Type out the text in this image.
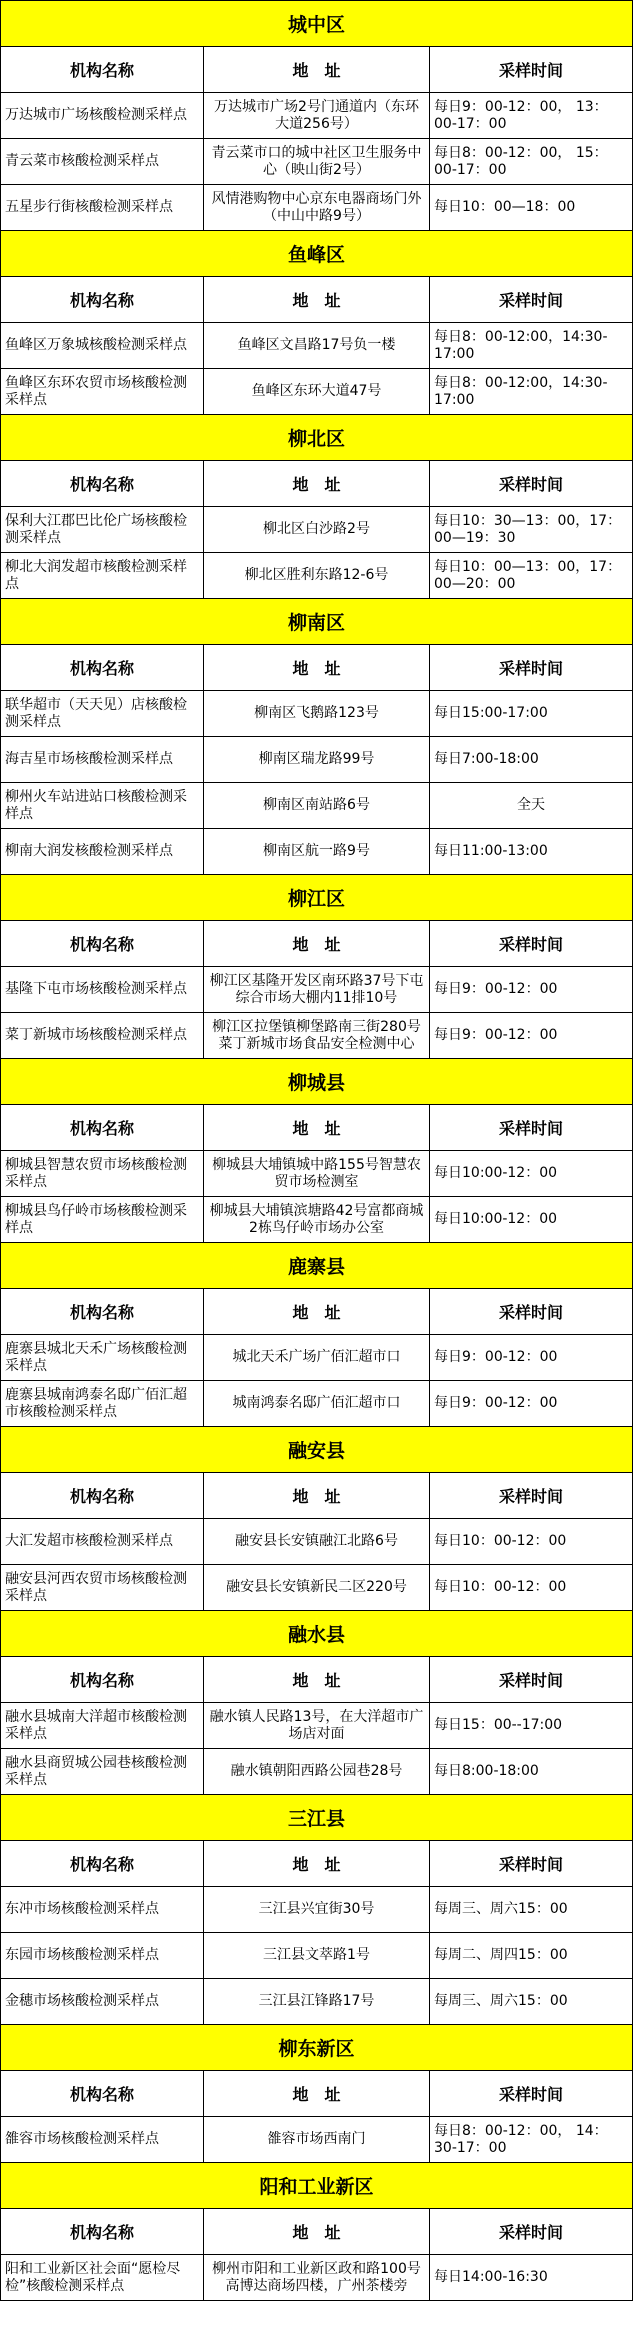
城中区		
机构名称	地　址	采样时间
万达城市广场核酸检测采样点	万达城市广场2号门通道内（东环大道256号）	每日9：00-12：00， 13：00-17：00
青云菜市核酸检测采样点	青云菜市口的城中社区卫生服务中心（映山街2号）	每日8：00-12：00， 15：00-17：00
五星步行街核酸检测采样点	风情港购物中心京东电器商场门外（中山中路9号）	每日10：00—18：00
鱼峰区		
机构名称	地　址	采样时间
鱼峰区万象城核酸检测采样点	鱼峰区文昌路17号负一楼	每日8：00-12:00，14:30-17:00
鱼峰区东环农贸市场核酸检测采样点	鱼峰区东环大道47号	每日8：00-12:00，14:30-17:00
柳北区		
机构名称	地　址	采样时间
保利大江郡巴比伦广场核酸检测采样点	柳北区白沙路2号	每日10：30—13：00，17：00—19：30
柳北大润发超市核酸检测采样点	柳北区胜利东路12-6号	每日10：00—13：00，17：00—20：00
柳南区		
机构名称	地　址	采样时间
联华超市（天天见）店核酸检测采样点	柳南区飞鹅路123号	每日15:00-17:00
海吉星市场核酸检测采样点	柳南区瑞龙路99号	每日7:00-18:00
柳州火车站进站口核酸检测采样点	柳南区南站路6号	全天
柳南大润发核酸检测采样点	柳南区航一路9号	每日11:00-13:00
柳江区		
机构名称	地　址	采样时间
基隆下屯市场核酸检测采样点	柳江区基隆开发区南环路37号下屯综合市场大棚内11排10号	每日9：00-12：00
菜丁新城市场核酸检测采样点	柳江区拉堡镇柳堡路南三街280号菜丁新城市场食品安全检测中心	每日9：00-12：00
柳城县		
机构名称	地　址	采样时间
柳城县智慧农贸市场核酸检测采样点	柳城县大埔镇城中路155号智慧农贸市场检测室	每日10:00-12：00
柳城县鸟仔岭市场核酸检测采样点	柳城县大埔镇滨塘路42号富都商城2栋鸟仔岭市场办公室	每日10:00-12：00
鹿寨县		
机构名称	地　址	采样时间
鹿寨县城北天禾广场核酸检测采样点	城北天禾广场广佰汇超市口	每日9：00-12：00
鹿寨县城南鸿泰名邸广佰汇超市核酸检测采样点	城南鸿泰名邸广佰汇超市口	每日9：00-12：00
融安县		
机构名称	地　址	采样时间
大汇发超市核酸检测采样点	融安县长安镇融江北路6号	每日10：00-12：00
融安县河西农贸市场核酸检测采样点	融安县长安镇新民二区220号	每日10：00-12：00
融水县		
机构名称	地　址	采样时间
融水县城南大洋超市核酸检测采样点	融水镇人民路13号，在大洋超市广场店对面	每日15：00--17:00
融水县商贸城公园巷核酸检测采样点	融水镇朝阳西路公园巷28号	每日8:00-18:00
三江县		
机构名称	地　址	采样时间
东冲市场核酸检测采样点	三江县兴宜街30号	每周三、周六15：00
东园市场核酸检测采样点	三江县文萃路1号	每周二、周四15：00
金穗市场核酸检测采样点	三江县江锋路17号	每周三、周六15：00
柳东新区		
机构名称	地　址	采样时间
雒容市场核酸检测采样点	雒容市场西南门	每日8：00-12：00， 14：30-17：00
阳和工业新区		
机构名称	地　址	采样时间
阳和工业新区社会面“愿检尽检”核酸检测采样点	柳州市阳和工业新区政和路100号高博达商场四楼，广州茶楼旁	每日14:00-16:30
